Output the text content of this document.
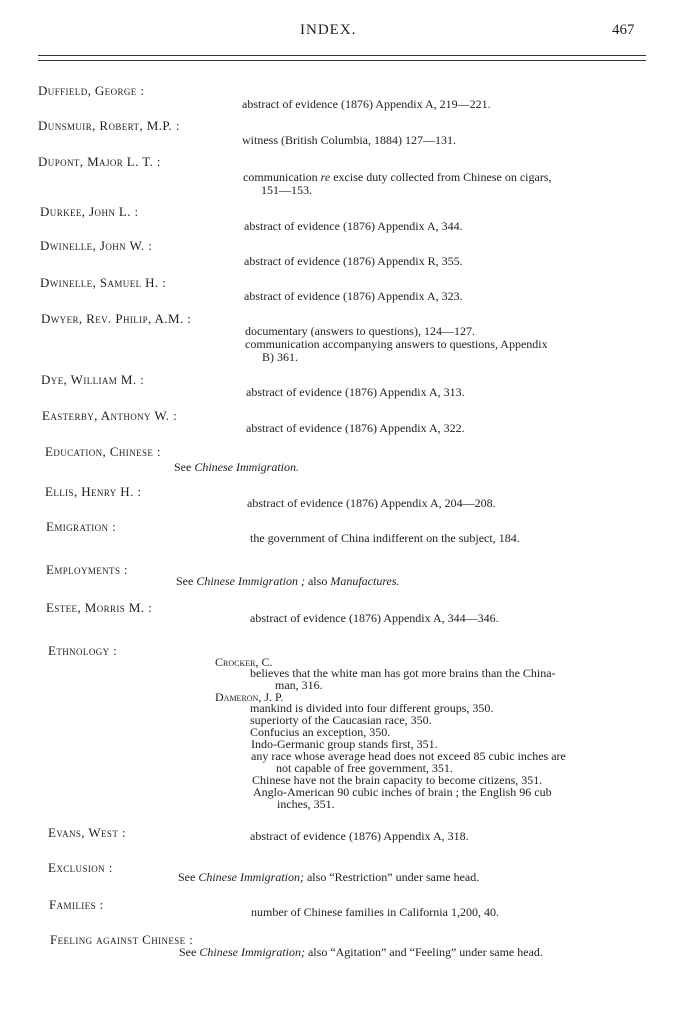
INDEX.	467
Duffield, George :
abstract of evidence (1876) Appendix A, 219—221.
Dunsmuir, Robert, M.P. :
witness (British Columbia, 1884) 127—131.
Dupont, Major L. T. :
communication re excise duty collected from Chinese on cigars,
151—153.
Durkee, John L. :
abstract of evidence (1876) Appendix A, 344.
Dwinelle, John W. :
abstract of evidence (1876) Appendix R, 355.
Dwinelle, Samuel H. :
abstract of evidence (1876) Appendix A, 323.
Dwyer, Rev. Philip, A.M. :
documentary (answers to questions), 124—127.
communication accompanying answers to questions, Appendix
B) 361.
Dye, William M. :
abstract of evidence (1876) Appendix A, 313.
Easterby, Anthony W. :
abstract of evidence (1876) Appendix A, 322.
Education, Chinese :
See Chinese Immigration.
Ellis, Henry H. :
abstract of evidence (1876) Appendix A, 204—208.
Emigration :
the government of China indifferent on the subject, 184.
Employments :
See Chinese Immigration ; also Manufactures.
Estee, Morris M. :
abstract of evidence (1876) Appendix A, 344—346.
Ethnology :
Crocker, C.
believes that the white man has got more brains than the China-
man, 316.
Dameron, J. P.
mankind is divided into four different groups, 350.
superiorty of the Caucasian race, 350.
Confucius an exception, 350.
Indo-Germanic group stands first, 351.
any race whose average head does not exceed 85 cubic inches are
not capable of free government, 351.
Chinese have not the brain capacity to become citizens, 351.
Anglo-American 90 cubic inches of brain ; the English 96 cub
inches, 351.
Evans, West :	abstract of evidence (1876) Appendix A, 318.
Exclusion :
See Chinese Immigration; also “Restriction” under same head.
Families :	number of Chinese families in California 1,200, 40.
Feeling against Chinese :
See Chinese Immigration; also “Agitation” and “Feeling” under same head.
